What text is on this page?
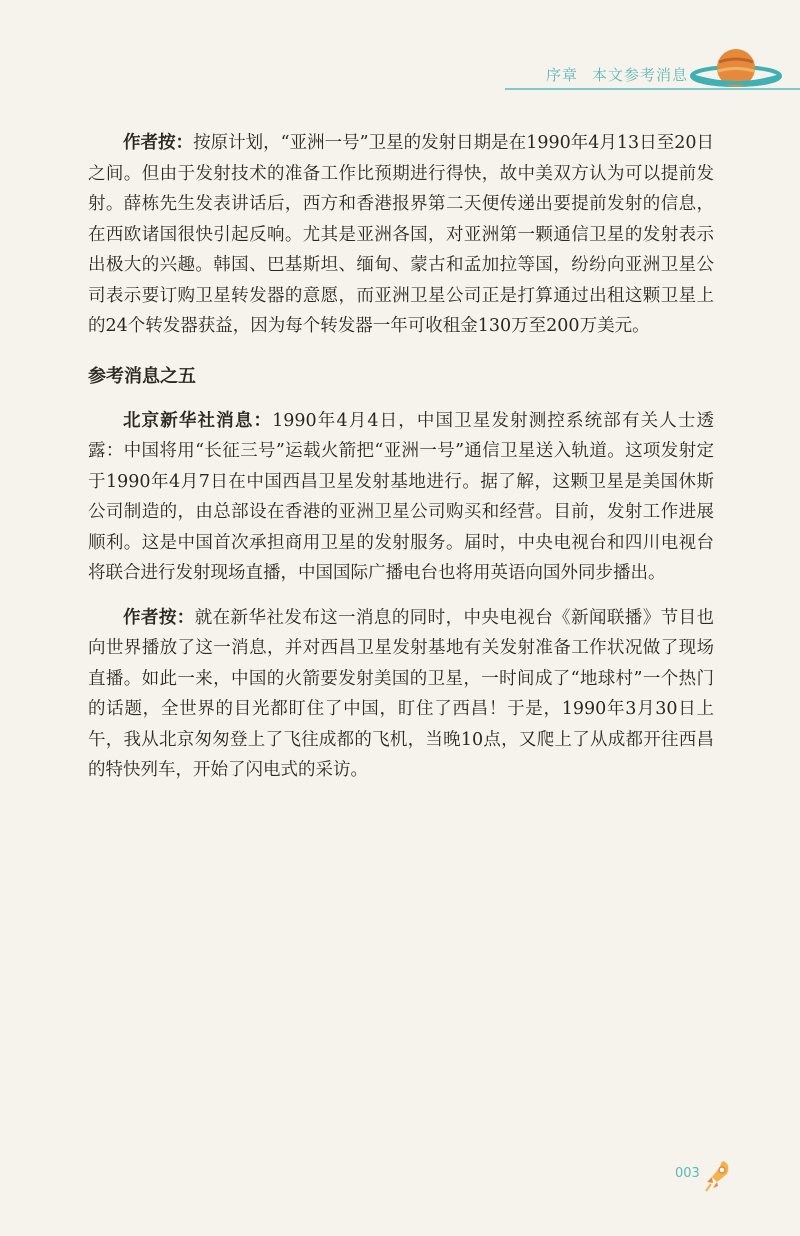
序章 本文参考消息

作者按：按原计划，“亚洲一号”卫星的发射日期是在1990年4月13日至20日之间。但由于发射技术的准备工作比预期进行得快，故中美双方认为可以提前发射。薛栋先生发表讲话后，西方和香港报界第二天便传递出要提前发射的信息，在西欧诸国很快引起反响。尤其是亚洲各国，对亚洲第一颗通信卫星的发射表示出极大的兴趣。韩国、巴基斯坦、缅甸、蒙古和孟加拉等国，纷纷向亚洲卫星公司表示要订购卫星转发器的意愿，而亚洲卫星公司正是打算通过出租这颗卫星上的24个转发器获益，因为每个转发器一年可收租金130万至200万美元。

参考消息之五

北京新华社消息：1990年4月4日，中国卫星发射测控系统部有关人士透露：中国将用“长征三号”运载火箭把“亚洲一号”通信卫星送入轨道。这项发射定于1990年4月7日在中国西昌卫星发射基地进行。据了解，这颗卫星是美国休斯公司制造的，由总部设在香港的亚洲卫星公司购买和经营。目前，发射工作进展顺利。这是中国首次承担商用卫星的发射服务。届时，中央电视台和四川电视台将联合进行发射现场直播，中国国际广播电台也将用英语向国外同步播出。

作者按：就在新华社发布这一消息的同时，中央电视台《新闻联播》节目也向世界播放了这一消息，并对西昌卫星发射基地有关发射准备工作状况做了现场直播。如此一来，中国的火箭要发射美国的卫星，一时间成了“地球村”一个热门的话题，全世界的目光都盯住了中国，盯住了西昌！于是，1990年3月30日上午，我从北京匆匆登上了飞往成都的飞机，当晚10点，又爬上了从成都开往西昌的特快列车，开始了闪电式的采访。

003
